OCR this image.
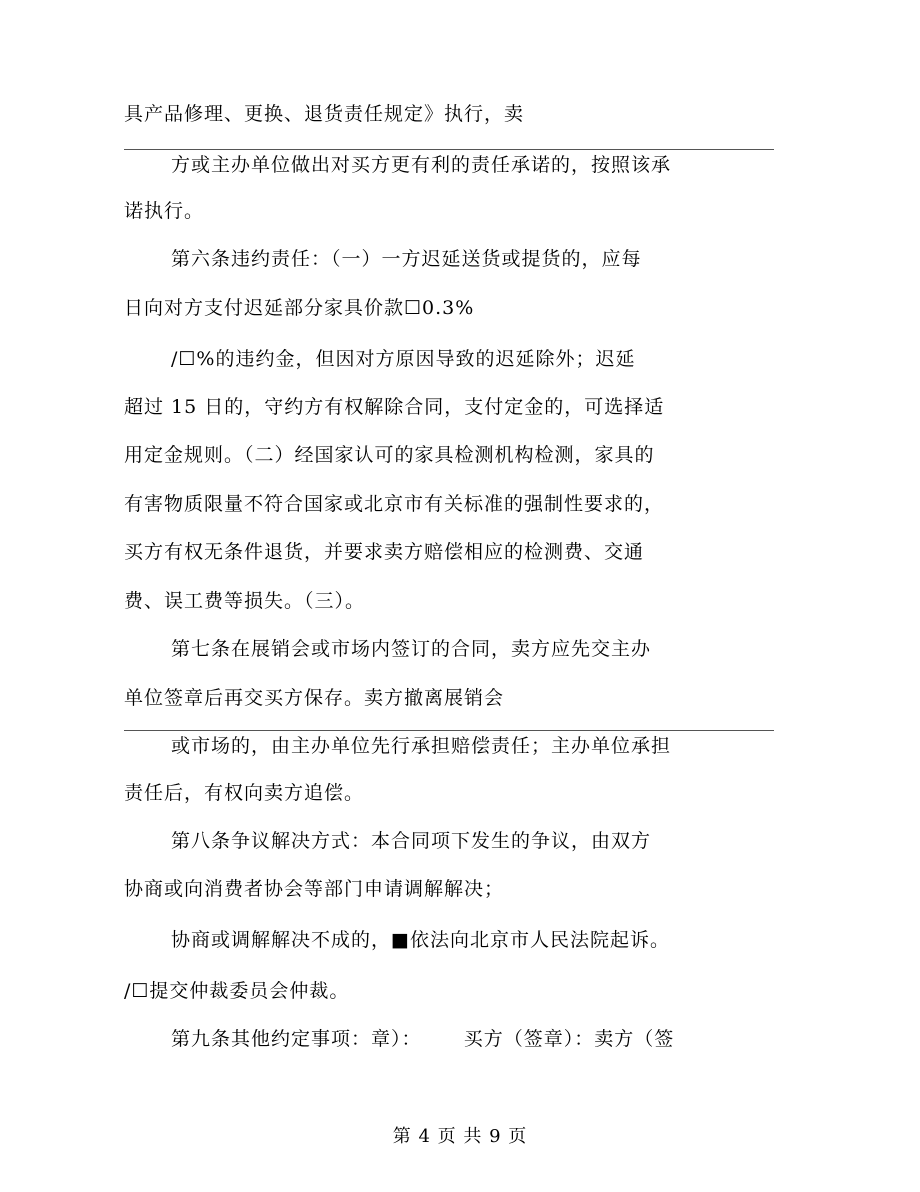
具产品修理、更换、退货责任规定》执行，卖
方或主办单位做出对买方更有利的责任承诺的，按照该承
诺执行。
第六条违约责任：（一）一方迟延送货或提货的，应每
日向对方支付迟延部分家具价款☐0.3%
/☐%的违约金，但因对方原因导致的迟延除外；迟延
超过 15 日的，守约方有权解除合同，支付定金的，可选择适
用定金规则。（二）经国家认可的家具检测机构检测，家具的
有害物质限量不符合国家或北京市有关标准的强制性要求的，
买方有权无条件退货，并要求卖方赔偿相应的检测费、交通
费、误工费等损失。（三）。
第七条在展销会或市场内签订的合同，卖方应先交主办
单位签章后再交买方保存。卖方撤离展销会
或市场的，由主办单位先行承担赔偿责任；主办单位承担
责任后，有权向卖方追偿。
第八条争议解决方式：本合同项下发生的争议，由双方
协商或向消费者协会等部门申请调解解决；
协商或调解解决不成的，■依法向北京市人民法院起诉。
/☐提交仲裁委员会仲裁。
第九条其他约定事项：章）：      买方（签章）：卖方（签
第 4 页 共 9 页
